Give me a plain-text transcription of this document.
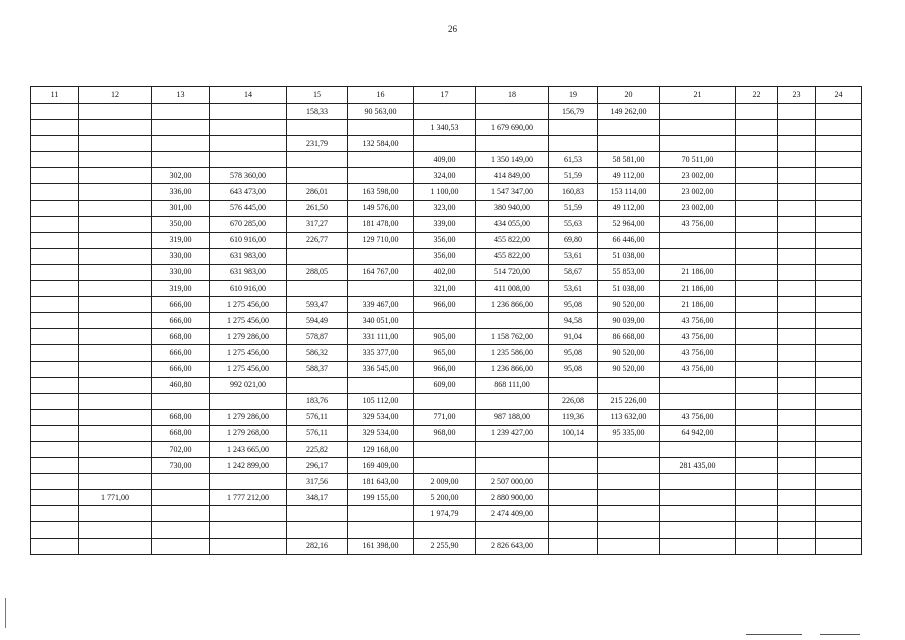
26
11	12	13	14	15	16	17	18	19	20	21	22	23	24
				158,33	90 563,00			156,79	149 262,00				
						1 340,53	1 679 690,00						
				231,79	132 584,00								
						409,00	1 350 149,00	61,53	58 581,00	70 511,00			
		302,00	578 360,00			324,00	414 849,00	51,59	49 112,00	23 002,00			
		336,00	643 473,00	286,01	163 598,00	1 100,00	1 547 347,00	160,83	153 114,00	23 002,00			
		301,00	576 445,00	261,50	149 576,00	323,00	380 940,00	51,59	49 112,00	23 002,00			
		350,00	670 285,00	317,27	181 478,00	339,00	434 055,00	55,63	52 964,00	43 756,00			
		319,00	610 916,00	226,77	129 710,00	356,00	455 822,00	69,80	66 446,00				
		330,00	631 983,00			356,00	455 822,00	53,61	51 038,00				
		330,00	631 983,00	288,05	164 767,00	402,00	514 720,00	58,67	55 853,00	21 186,00			
		319,00	610 916,00			321,00	411 008,00	53,61	51 038,00	21 186,00			
		666,00	1 275 456,00	593,47	339 467,00	966,00	1 236 866,00	95,08	90 520,00	21 186,00			
		666,00	1 275 456,00	594,49	340 051,00			94,58	90 039,00	43 756,00			
		668,00	1 279 286,00	578,87	331 111,00	905,00	1 158 762,00	91,04	86 668,00	43 756,00			
		666,00	1 275 456,00	586,32	335 377,00	965,00	1 235 586,00	95,08	90 520,00	43 756,00			
		666,00	1 275 456,00	588,37	336 545,00	966,00	1 236 866,00	95,08	90 520,00	43 756,00			
		460,80	992 021,00			609,00	868 111,00						
				183,76	105 112,00			226,08	215 226,00				
		668,00	1 279 286,00	576,11	329 534,00	771,00	987 188,00	119,36	113 632,00	43 756,00			
		668,00	1 279 268,00	576,11	329 534,00	968,00	1 239 427,00	100,14	95 335,00	64 942,00			
		702,00	1 243 665,00	225,82	129 168,00								
		730,00	1 242 899,00	296,17	169 409,00					281 435,00			
				317,56	181 643,00	2 009,00	2 507 000,00						
	1 771,00		1 777 212,00	348,17	199 155,00	5 200,00	2 880 900,00						
						1 974,79	2 474 409,00						

				282,16	161 398,00	2 255,90	2 826 643,00						
